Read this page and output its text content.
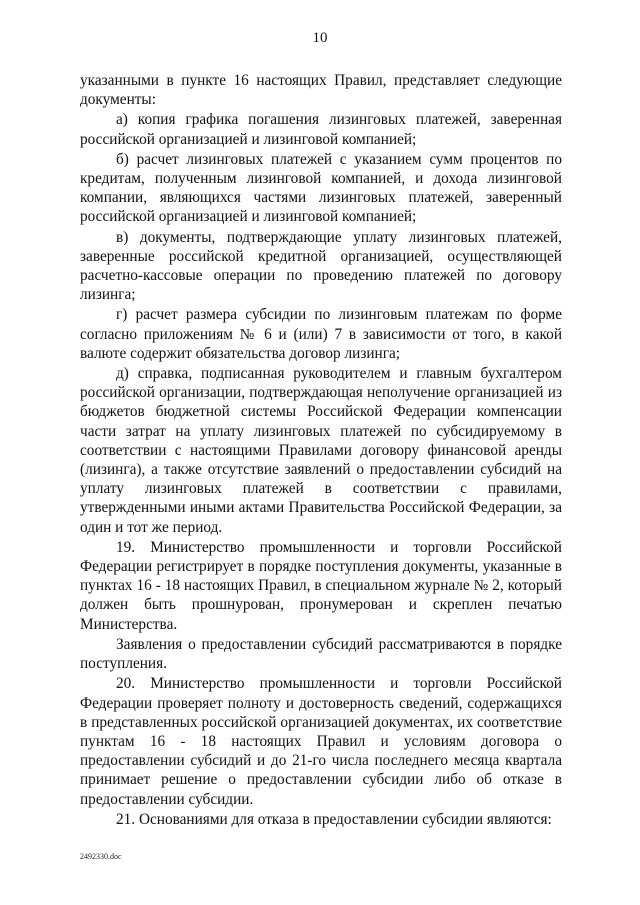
10

указанными в пункте 16 настоящих Правил, представляет следующие документы:

а) копия графика погашения лизинговых платежей, заверенная российской организацией и лизинговой компанией;

б) расчет лизинговых платежей с указанием сумм процентов по кредитам, полученным лизинговой компанией, и дохода лизинговой компании, являющихся частями лизинговых платежей, заверенный российской организацией и лизинговой компанией;

в) документы, подтверждающие уплату лизинговых платежей, заверенные российской кредитной организацией, осуществляющей расчетно-кассовые операции по проведению платежей по договору лизинга;

г) расчет размера субсидии по лизинговым платежам по форме согласно приложениям № 6 и (или) 7 в зависимости от того, в какой валюте содержит обязательства договор лизинга;

д) справка, подписанная руководителем и главным бухгалтером российской организации, подтверждающая неполучение организацией из бюджетов бюджетной системы Российской Федерации компенсации части затрат на уплату лизинговых платежей по субсидируемому в соответствии с настоящими Правилами договору финансовой аренды (лизинга), а также отсутствие заявлений о предоставлении субсидий на уплату лизинговых платежей в соответствии с правилами, утвержденными иными актами Правительства Российской Федерации, за один и тот же период.

19. Министерство промышленности и торговли Российской Федерации регистрирует в порядке поступления документы, указанные в пунктах 16 - 18 настоящих Правил, в специальном журнале № 2, который должен быть прошнурован, пронумерован и скреплен печатью Министерства.

Заявления о предоставлении субсидий рассматриваются в порядке поступления.

20. Министерство промышленности и торговли Российской Федерации проверяет полноту и достоверность сведений, содержащихся в представленных российской организацией документах, их соответствие пунктам 16 - 18 настоящих Правил и условиям договора о предоставлении субсидий и до 21-го числа последнего месяца квартала принимает решение о предоставлении субсидии либо об отказе в предоставлении субсидии.

21. Основаниями для отказа в предоставлении субсидии являются:

2492330.doc
